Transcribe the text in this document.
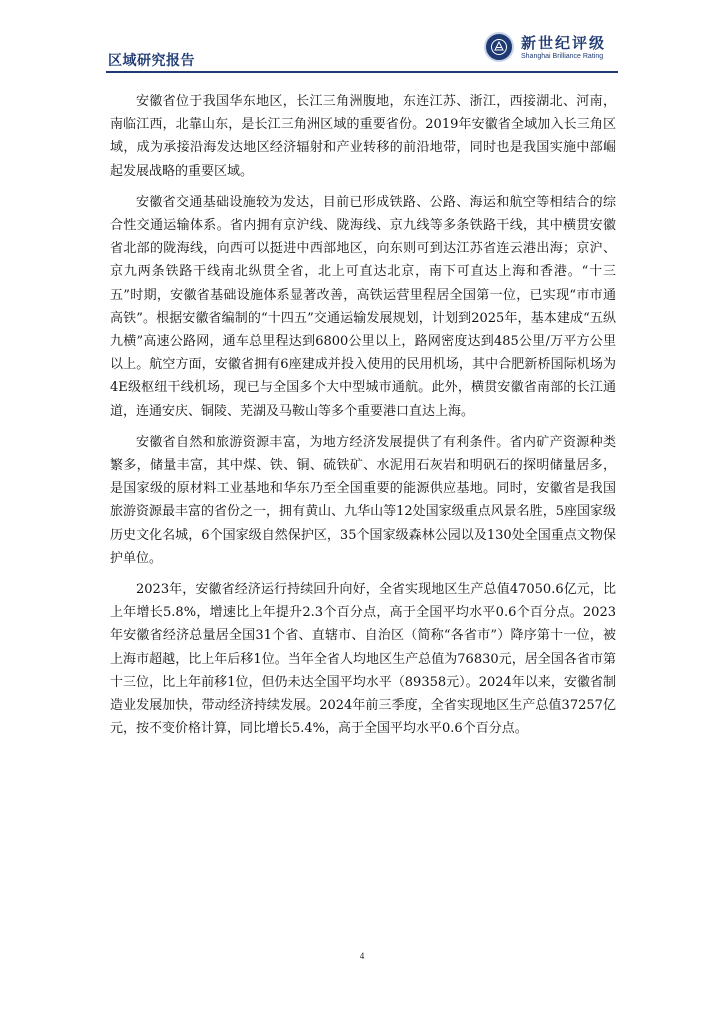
区域研究报告
新世纪评级
Shanghai Brilliance Rating

安徽省位于我国华东地区，长江三角洲腹地，东连江苏、浙江，西接湖北、河南，南临江西，北靠山东，是长江三角洲区域的重要省份。2019年安徽省全域加入长三角区域，成为承接沿海发达地区经济辐射和产业转移的前沿地带，同时也是我国实施中部崛起发展战略的重要区域。

安徽省交通基础设施较为发达，目前已形成铁路、公路、海运和航空等相结合的综合性交通运输体系。省内拥有京沪线、陇海线、京九线等多条铁路干线，其中横贯安徽省北部的陇海线，向西可以挺进中西部地区，向东则可到达江苏省连云港出海；京沪、京九两条铁路干线南北纵贯全省，北上可直达北京，南下可直达上海和香港。“十三五”时期，安徽省基础设施体系显著改善，高铁运营里程居全国第一位，已实现“市市通高铁”。根据安徽省编制的“十四五”交通运输发展规划，计划到2025年，基本建成“五纵九横”高速公路网，通车总里程达到6800公里以上，路网密度达到485公里/万平方公里以上。航空方面，安徽省拥有6座建成并投入使用的民用机场，其中合肥新桥国际机场为4E级枢纽干线机场，现已与全国多个大中型城市通航。此外，横贯安徽省南部的长江通道，连通安庆、铜陵、芜湖及马鞍山等多个重要港口直达上海。

安徽省自然和旅游资源丰富，为地方经济发展提供了有利条件。省内矿产资源种类繁多，储量丰富，其中煤、铁、铜、硫铁矿、水泥用石灰岩和明矾石的探明储量居多，是国家级的原材料工业基地和华东乃至全国重要的能源供应基地。同时，安徽省是我国旅游资源最丰富的省份之一，拥有黄山、九华山等12处国家级重点风景名胜，5座国家级历史文化名城，6个国家级自然保护区，35个国家级森林公园以及130处全国重点文物保护单位。

2023年，安徽省经济运行持续回升向好，全省实现地区生产总值47050.6亿元，比上年增长5.8%，增速比上年提升2.3个百分点，高于全国平均水平0.6个百分点。2023年安徽省经济总量居全国31个省、直辖市、自治区（简称“各省市”）降序第十一位，被上海市超越，比上年后移1位。当年全省人均地区生产总值为76830元，居全国各省市第十三位，比上年前移1位，但仍未达全国平均水平（89358元）。2024年以来，安徽省制造业发展加快，带动经济持续发展。2024年前三季度，全省实现地区生产总值37257亿元，按不变价格计算，同比增长5.4%，高于全国平均水平0.6个百分点。

4
